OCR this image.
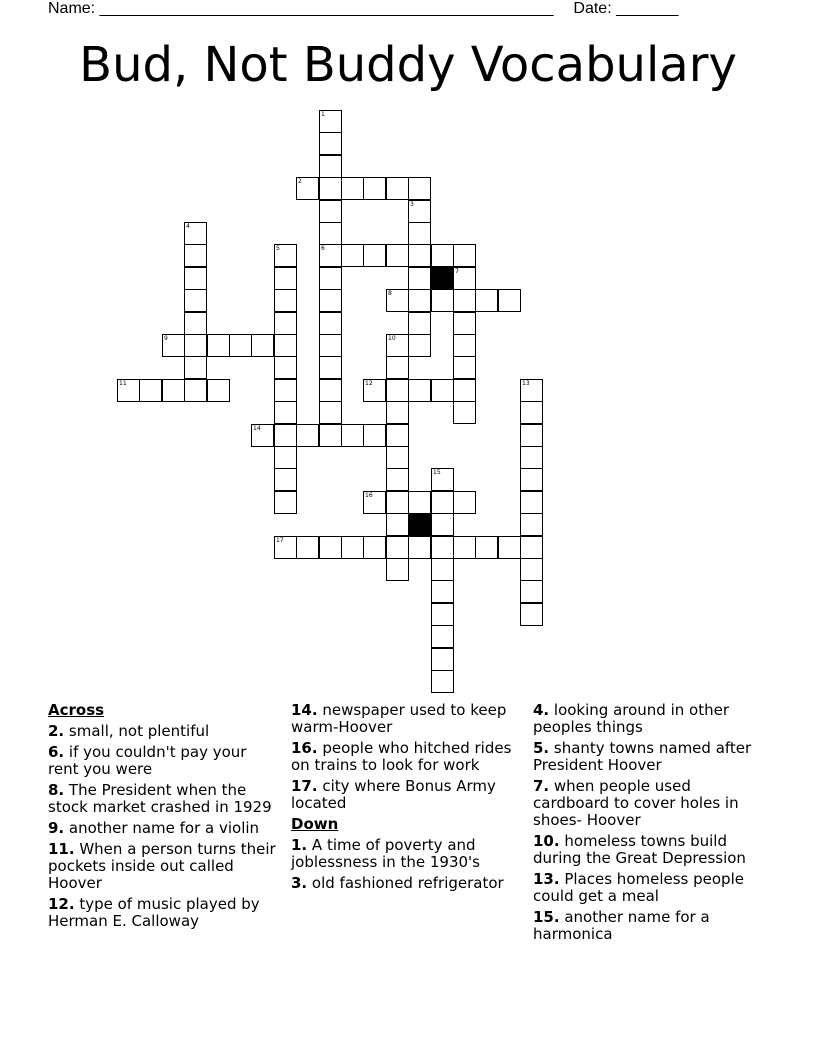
Name: ___________________________________________________ Date: _______
Bud, Not Buddy Vocabulary
1
6
2
3
4
5
7
8
9	10
11	12	13
14
15
16
17
Across
2. small, not plentiful
6. if you couldn't pay your rent you were
8. The President when the stock market crashed in 1929
9. another name for a violin
11. When a person turns their pockets inside out called Hoover
12. type of music played by Herman E. Calloway
14. newspaper used to keep warm-Hoover
16. people who hitched rides on trains to look for work
17. city where Bonus Army located
Down
1. A time of poverty and joblessness in the 1930's
3. old fashioned refrigerator
4. looking around in other peoples things
5. shanty towns named after President Hoover
7. when people used cardboard to cover holes in shoes- Hoover
10. homeless towns build during the Great Depression
13. Places homeless people could get a meal
15. another name for a harmonica
